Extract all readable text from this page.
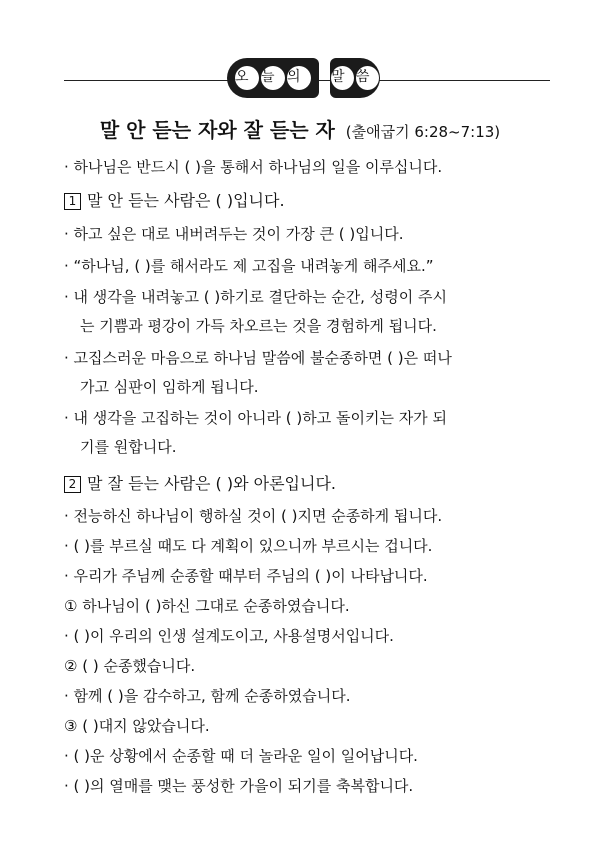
오 늘 의	말 씀
말 안 듣는 자와 잘 듣는 자 (출애굽기 6:28~7:13)
· 하나님은 반드시 ( )을 통해서 하나님의 일을 이루십니다.
1 말 안 듣는 사람은 ( )입니다.
· 하고 싶은 대로 내버려두는 것이 가장 큰 ( )입니다.
· “하나님, ( )를 해서라도 제 고집을 내려놓게 해주세요.”
· 내 생각을 내려놓고 ( )하기로 결단하는 순간, 성령이 주시
는 기쁨과 평강이 가득 차오르는 것을 경험하게 됩니다.
· 고집스러운 마음으로 하나님 말씀에 불순종하면 ( )은 떠나
가고 심판이 임하게 됩니다.
· 내 생각을 고집하는 것이 아니라 ( )하고 돌이키는 자가 되
기를 원합니다.
2 말 잘 듣는 사람은 ( )와 아론입니다.
· 전능하신 하나님이 행하실 것이 ( )지면 순종하게 됩니다.
· ( )를 부르실 때도 다 계획이 있으니까 부르시는 겁니다.
· 우리가 주님께 순종할 때부터 주님의 ( )이 나타납니다.
① 하나님이 ( )하신 그대로 순종하였습니다.
· ( )이 우리의 인생 설계도이고, 사용설명서입니다.
② ( ) 순종했습니다.
· 함께 ( )을 감수하고, 함께 순종하였습니다.
③ ( )대지 않았습니다.
· ( )운 상황에서 순종할 때 더 놀라운 일이 일어납니다.
· ( )의 열매를 맺는 풍성한 가을이 되기를 축복합니다.
